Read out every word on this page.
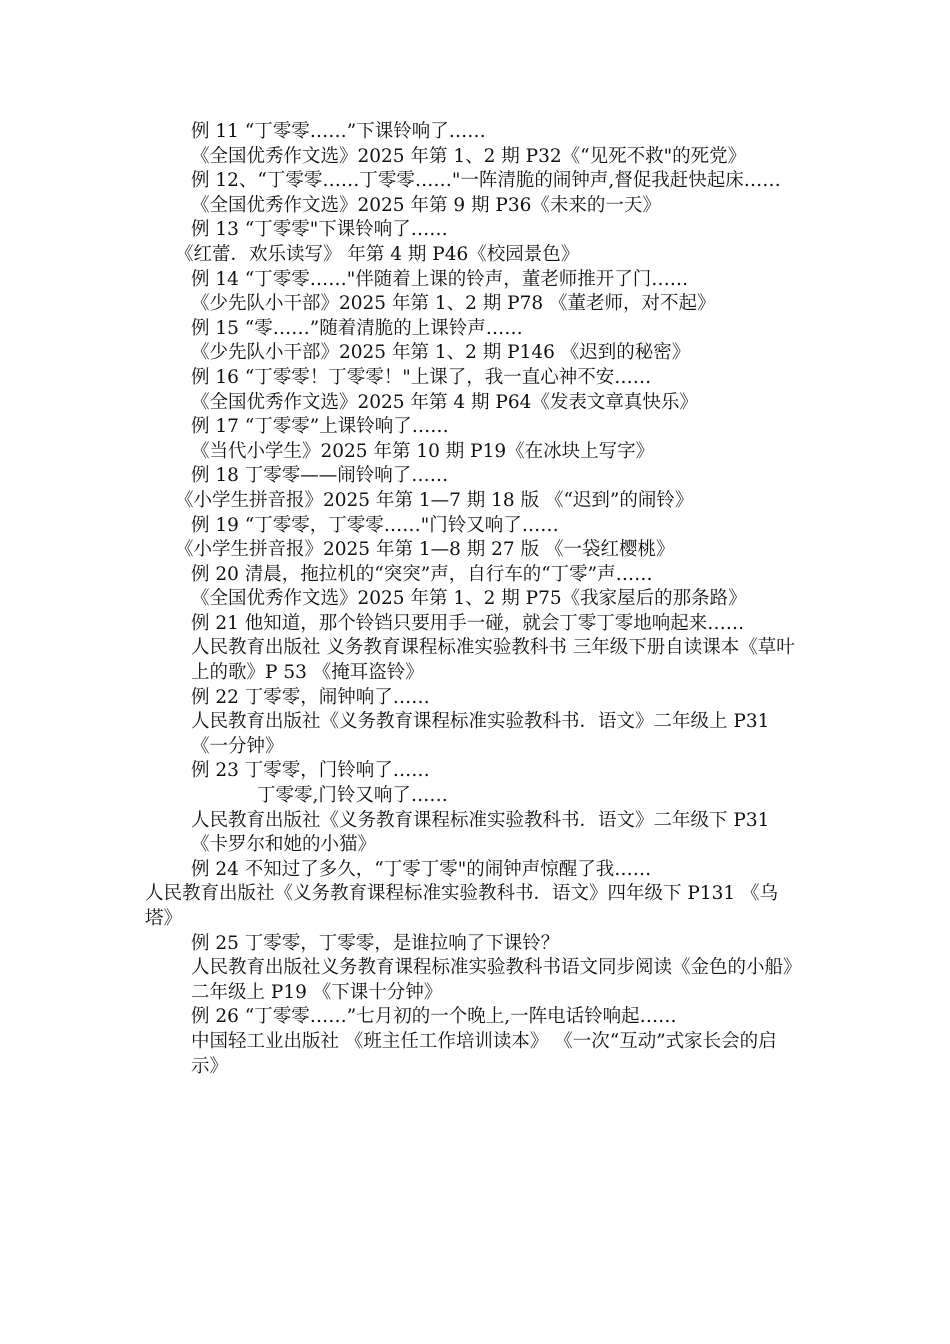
例 11 “丁零零……”下课铃响了……
《全国优秀作文选》2025 年第 1、2 期 P32《“见死不救"的死党》
例 12、“丁零零……丁零零……"一阵清脆的闹钟声,督促我赶快起床……
《全国优秀作文选》2025 年第 9 期 P36《未来的一天》
例 13 “丁零零"下课铃响了……
《红蕾．欢乐读写》 年第 4 期 P46《校园景色》
例 14 “丁零零……"伴随着上课的铃声，董老师推开了门……
《少先队小干部》2025 年第 1、2 期 P78 《董老师，对不起》
例 15 “零……”随着清脆的上课铃声……
《少先队小干部》2025 年第 1、2 期 P146 《迟到的秘密》
例 16 “丁零零！丁零零！"上课了，我一直心神不安……
《全国优秀作文选》2025 年第 4 期 P64《发表文章真快乐》
例 17 “丁零零”上课铃响了……
《当代小学生》2025 年第 10 期 P19《在冰块上写字》
例 18 丁零零——闹铃响了……
《小学生拼音报》2025 年第 1—7 期 18 版 《“迟到”的闹铃》
例 19 “丁零零，丁零零……"门铃又响了……
《小学生拼音报》2025 年第 1—8 期 27 版 《一袋红樱桃》
例 20 清晨，拖拉机的“突突”声，自行车的“丁零”声……
《全国优秀作文选》2025 年第 1、2 期 P75《我家屋后的那条路》
例 21 他知道，那个铃铛只要用手一碰，就会丁零丁零地响起来……
人民教育出版社 义务教育课程标准实验教科书 三年级下册自读课本《草叶上的歌》P 53 《掩耳盗铃》
例 22 丁零零，闹钟响了……
人民教育出版社《义务教育课程标准实验教科书．语文》二年级上 P31 《一分钟》
例 23 丁零零，门铃响了……
丁零零,门铃又响了……
人民教育出版社《义务教育课程标准实验教科书．语文》二年级下 P31 《卡罗尔和她的小猫》
例 24 不知过了多久，“丁零丁零"的闹钟声惊醒了我……
人民教育出版社《义务教育课程标准实验教科书．语文》四年级下 P131 《乌塔》
例 25 丁零零，丁零零，是谁拉响了下课铃？
人民教育出版社义务教育课程标准实验教科书语文同步阅读《金色的小船》二年级上 P19 《下课十分钟》
例 26 “丁零零……”七月初的一个晚上,一阵电话铃响起……
中国轻工业出版社 《班主任工作培训读本》 《一次“互动”式家长会的启示》
